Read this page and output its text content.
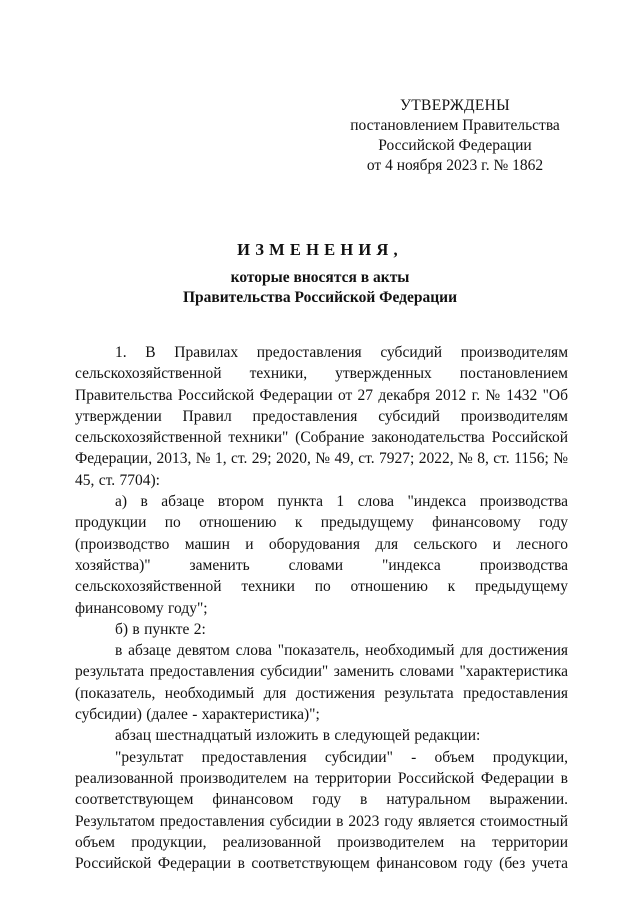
УТВЕРЖДЕНЫ
постановлением Правительства
Российской Федерации
от 4 ноября 2023 г. № 1862
ИЗМЕНЕНИЯ,
которые вносятся в акты
Правительства Российской Федерации

1. В Правилах предоставления субсидий производителям сельскохозяйственной техники, утвержденных постановлением Правительства Российской Федерации от 27 декабря 2012 г. № 1432 "Об утверждении Правил предоставления субсидий производителям сельскохозяйственной техники" (Собрание законодательства Российской Федерации, 2013, № 1, ст. 29; 2020, № 49, ст. 7927; 2022, № 8, ст. 1156; № 45, ст. 7704):

а) в абзаце втором пункта 1 слова "индекса производства продукции по отношению к предыдущему финансовому году (производство машин и оборудования для сельского и лесного хозяйства)" заменить словами "индекса производства сельскохозяйственной техники по отношению к предыдущему финансовому году";

б) в пункте 2:

в абзаце девятом слова "показатель, необходимый для достижения результата предоставления субсидии" заменить словами "характеристика (показатель, необходимый для достижения результата предоставления субсидии) (далее - характеристика)";

абзац шестнадцатый изложить в следующей редакции:

"результат предоставления субсидии" - объем продукции, реализованной производителем на территории Российской Федерации в соответствующем финансовом году в натуральном выражении. Результатом предоставления субсидии в 2023 году является стоимостный объем продукции, реализованной производителем на территории Российской Федерации в соответствующем финансовом году (без учета
